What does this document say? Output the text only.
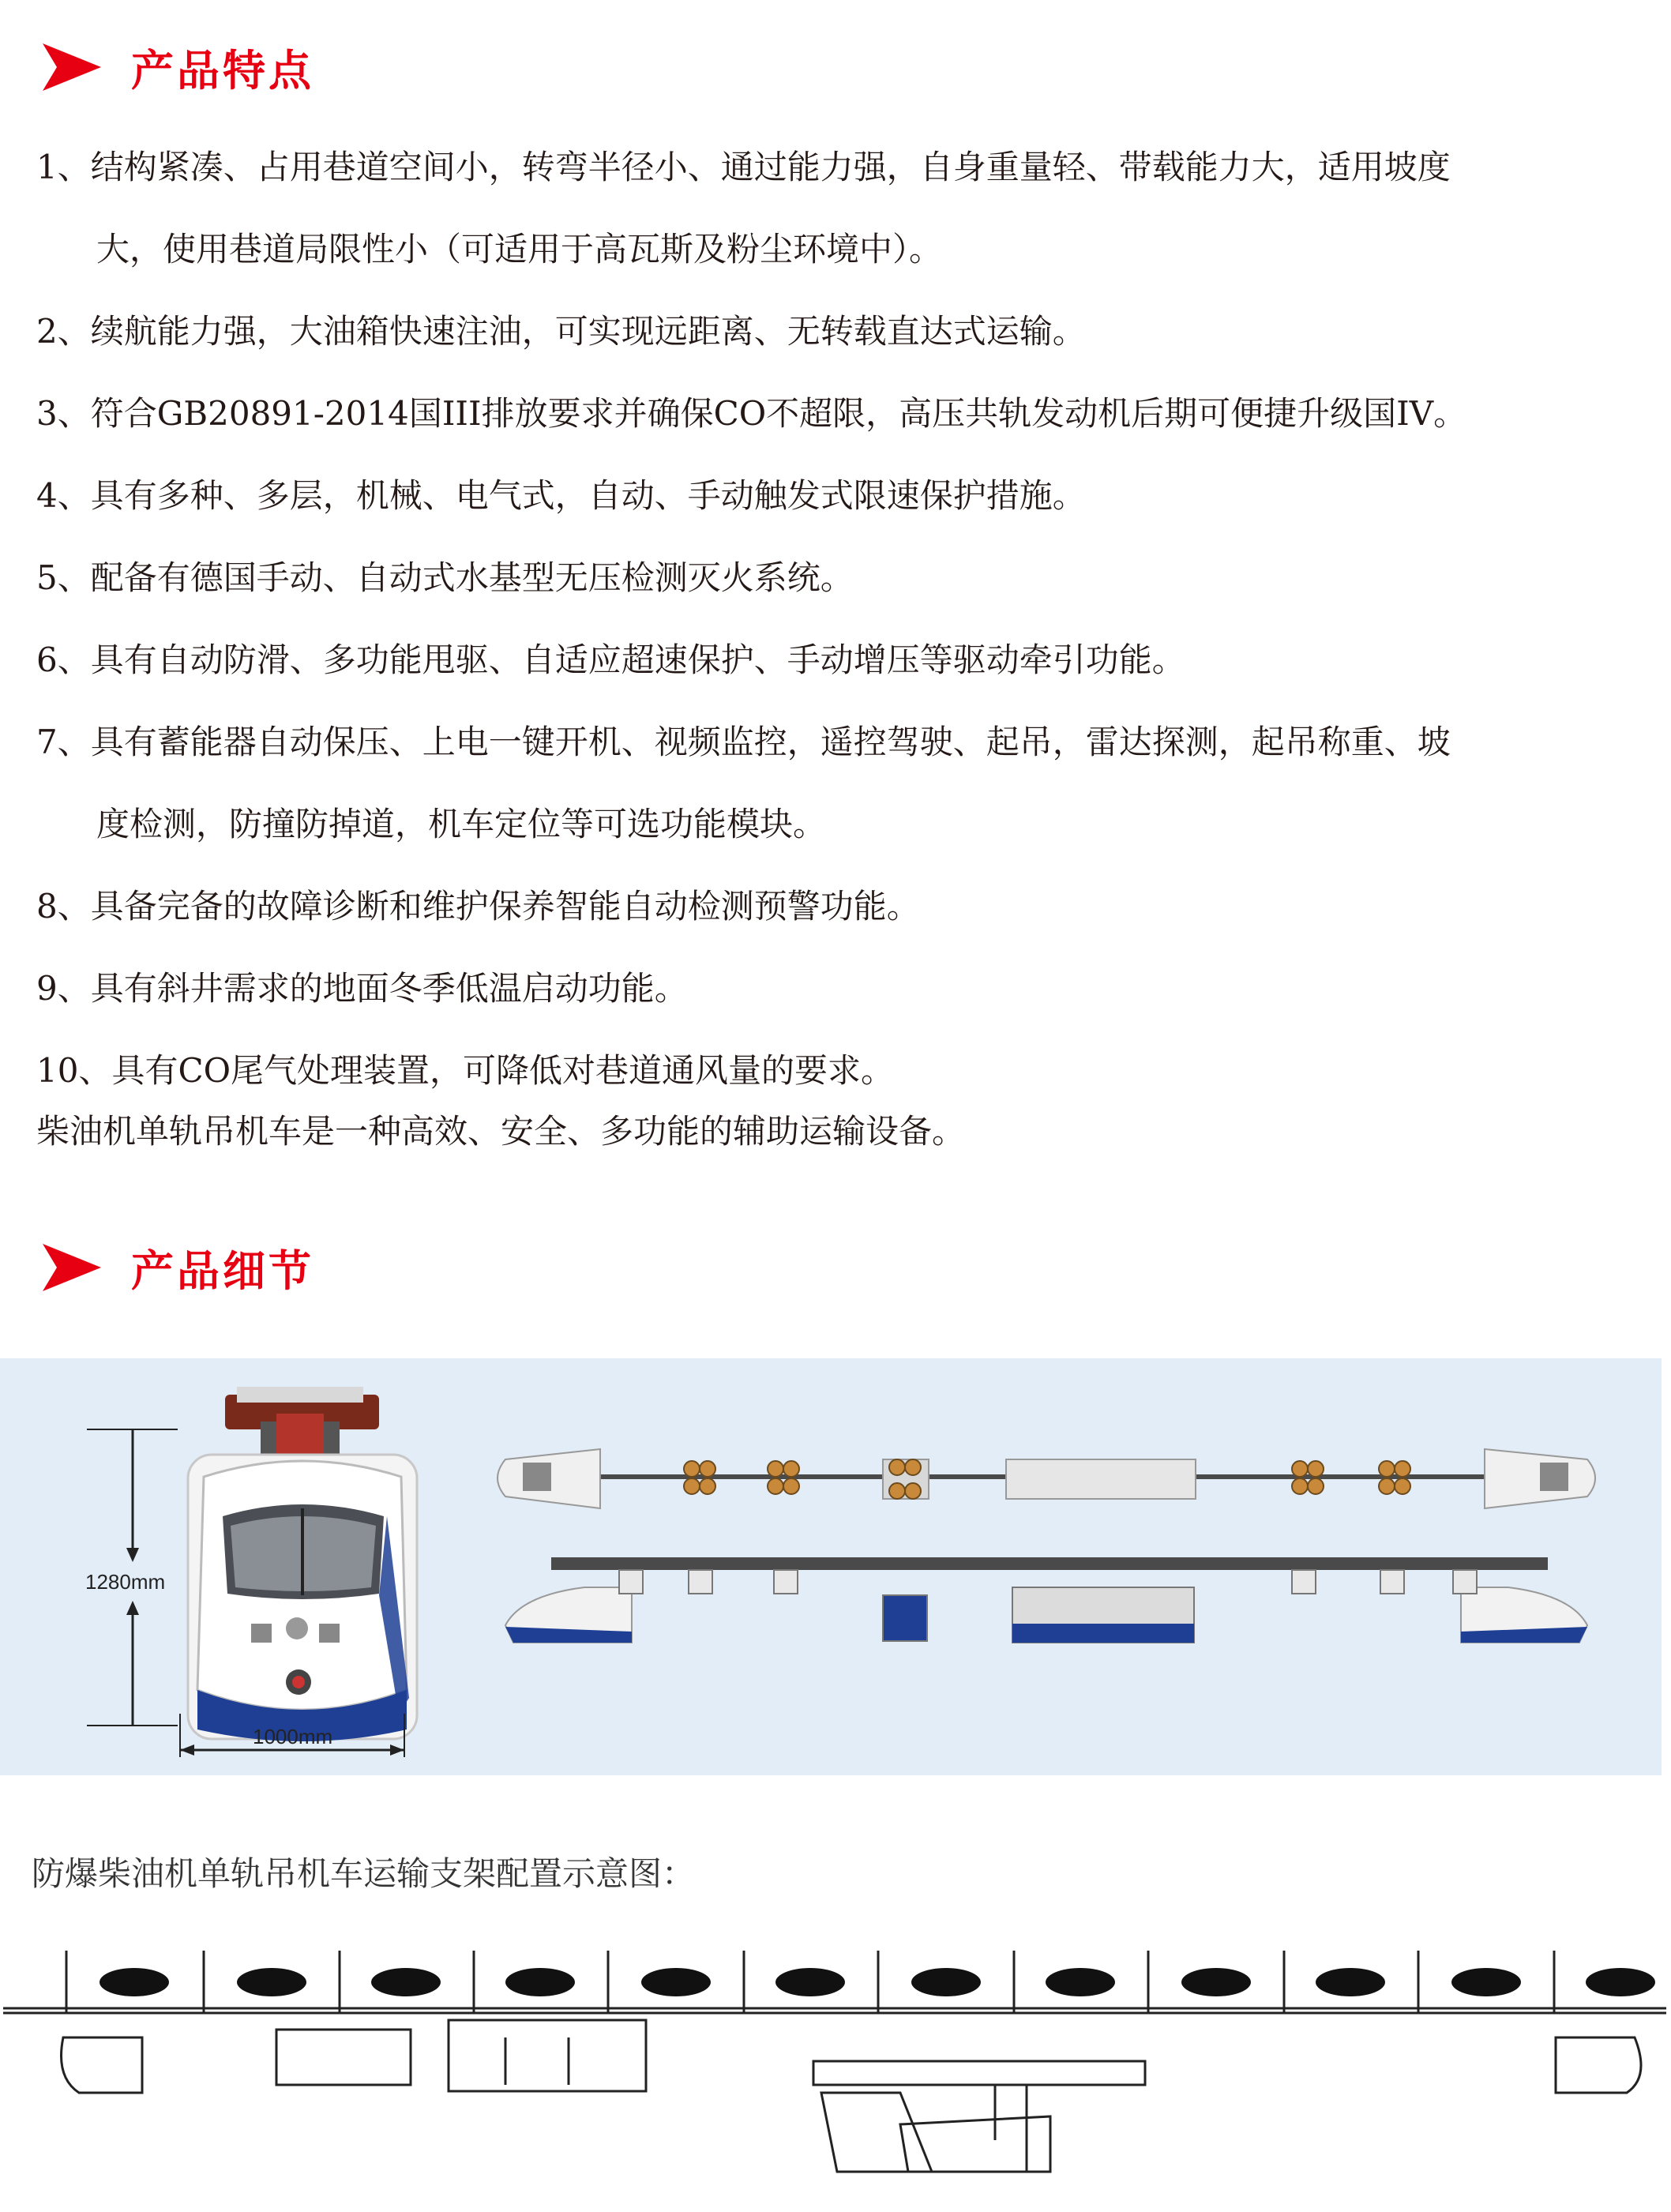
产品特点
1、结构紧凑、占用巷道空间小，转弯半径小、通过能力强，自身重量轻、带载能力大，适用坡度
大，使用巷道局限性小（可适用于高瓦斯及粉尘环境中）。
2、续航能力强，大油箱快速注油，可实现远距离、无转载直达式运输。
3、符合GB20891-2014国III排放要求并确保CO不超限，高压共轨发动机后期可便捷升级国IV。
4、具有多种、多层，机械、电气式，自动、手动触发式限速保护措施。
5、配备有德国手动、自动式水基型无压检测灭火系统。
6、具有自动防滑、多功能甩驱、自适应超速保护、手动增压等驱动牵引功能。
7、具有蓄能器自动保压、上电一键开机、视频监控，遥控驾驶、起吊，雷达探测，起吊称重、坡
度检测，防撞防掉道，机车定位等可选功能模块。
8、具备完备的故障诊断和维护保养智能自动检测预警功能。
9、具有斜井需求的地面冬季低温启动功能。
10、具有CO尾气处理装置，可降低对巷道通风量的要求。
柴油机单轨吊机车是一种高效、安全、多功能的辅助运输设备。
产品细节
1280mm
1000mm
防爆柴油机单轨吊机车运输支架配置示意图：
